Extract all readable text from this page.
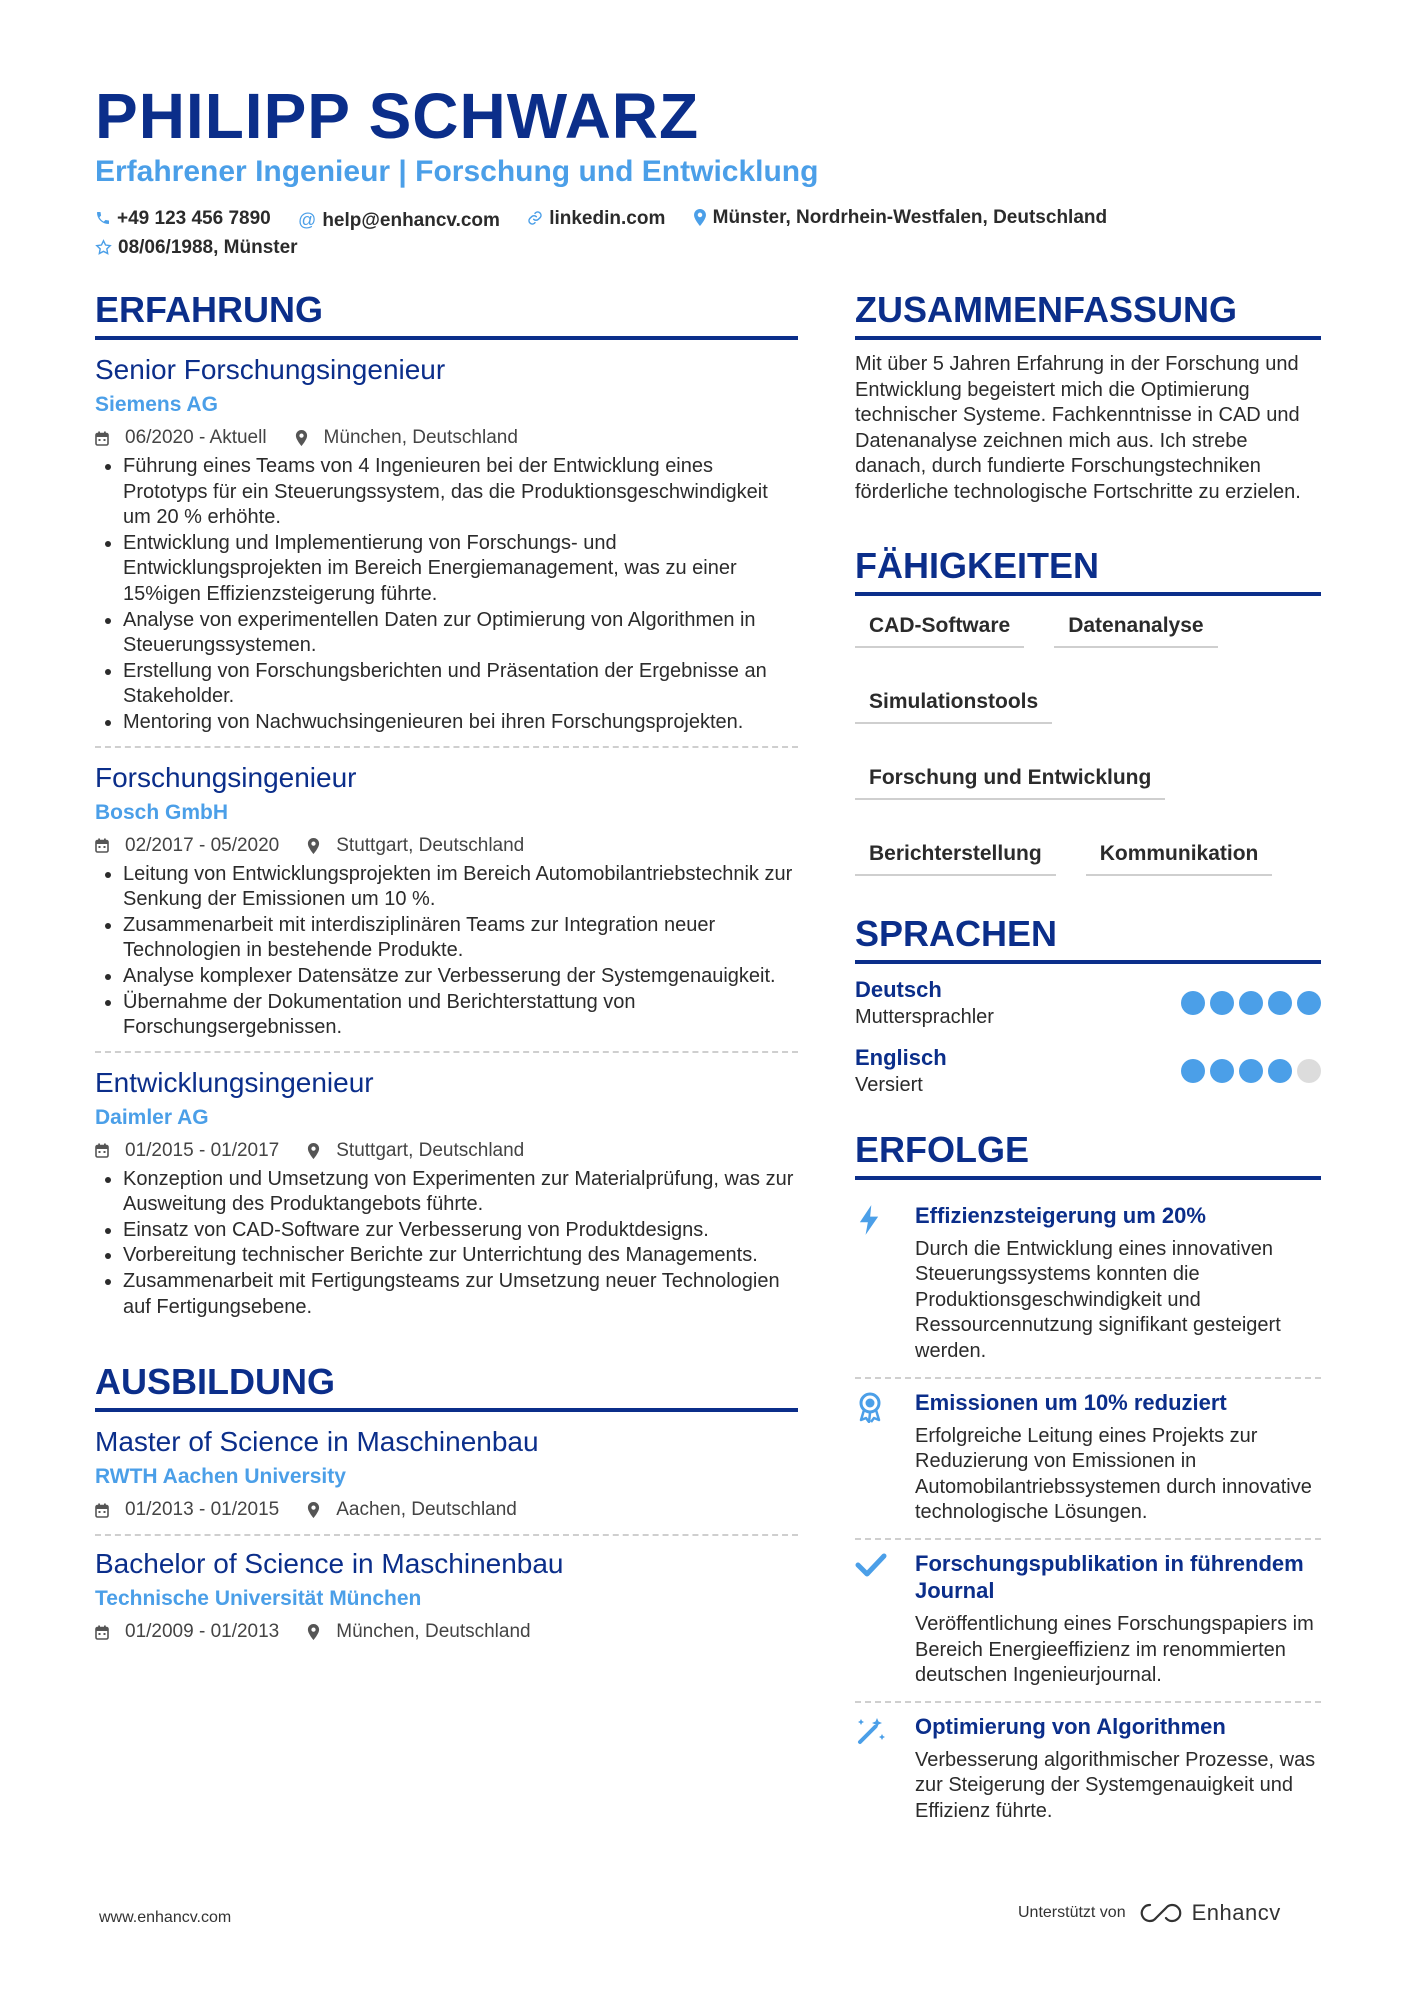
PHILIPP SCHWARZ
Erfahrener Ingenieur | Forschung und Entwicklung
+49 123 456 7890
@ help@enhancv.com
	linkedin.com
Münster, Nordrhein-Westfalen, Deutschland

08/06/1988, Münster
ERFAHRUNG
Senior Forschungsingenieur
Siemens AG
06/2020 - Aktuell	München, Deutschland
• Führung eines Teams von 4 Ingenieuren bei der Entwicklung eines Prototyps für ein Steuerungssystem, das die Produktionsgeschwindigkeit um 20 % erhöhte.
• Entwicklung und Implementierung von Forschungs- und Entwicklungsprojekten im Bereich Energiemanagement, was zu einer 15%igen Effizienzsteigerung führte.
• Analyse von experimentellen Daten zur Optimierung von Algorithmen in Steuerungssystemen.
• Erstellung von Forschungsberichten und Präsentation der Ergebnisse an Stakeholder.
• Mentoring von Nachwuchsingenieuren bei ihren Forschungsprojekten.
Forschungsingenieur
Bosch GmbH
02/2017 - 05/2020	Stuttgart, Deutschland
• Leitung von Entwicklungsprojekten im Bereich Automobilantriebstechnik zur Senkung der Emissionen um 10 %.
• Zusammenarbeit mit interdisziplinären Teams zur Integration neuer Technologien in bestehende Produkte.
• Analyse komplexer Datensätze zur Verbesserung der Systemgenauigkeit.
• Übernahme der Dokumentation und Berichterstattung von Forschungsergebnissen.
Entwicklungsingenieur
Daimler AG
01/2015 - 01/2017	Stuttgart, Deutschland
• Konzeption und Umsetzung von Experimenten zur Materialprüfung, was zur Ausweitung des Produktangebots führte.
• Einsatz von CAD-Software zur Verbesserung von Produktdesigns.
• Vorbereitung technischer Berichte zur Unterrichtung des Managements.
• Zusammenarbeit mit Fertigungsteams zur Umsetzung neuer Technologien auf Fertigungsebene.
AUSBILDUNG
Master of Science in Maschinenbau
RWTH Aachen University
01/2013 - 01/2015	Aachen, Deutschland
Bachelor of Science in Maschinenbau
Technische Universität München
01/2009 - 01/2013	München, Deutschland
ZUSAMMENFASSUNG
Mit über 5 Jahren Erfahrung in der Forschung und Entwicklung begeistert mich die Optimierung technischer Systeme. Fachkenntnisse in CAD und Datenanalyse zeichnen mich aus. Ich strebe danach, durch fundierte Forschungstechniken förderliche technologische Fortschritte zu erzielen.
FÄHIGKEITEN
CAD-Software	Datenanalyse
Simulationstools
Forschung und Entwicklung
Berichterstellung	Kommunikation
SPRACHEN
Deutsch
Muttersprachler
Englisch
Versiert
ERFOLGE
Effizienzsteigerung um 20%
Durch die Entwicklung eines innovativen Steuerungssystems konnten die Produktionsgeschwindigkeit und Ressourcennutzung signifikant gesteigert werden.
Emissionen um 10% reduziert
Erfolgreiche Leitung eines Projekts zur Reduzierung von Emissionen in Automobilantriebssystemen durch innovative technologische Lösungen.
Forschungspublikation in führendem Journal
Veröffentlichung eines Forschungspapiers im Bereich Energieeffizienz im renommierten deutschen Ingenieurjournal.
Optimierung von Algorithmen
Verbesserung algorithmischer Prozesse, was zur Steigerung der Systemgenauigkeit und Effizienz führte.
www.enhancv.com	Unterstützt von	Enhancv
